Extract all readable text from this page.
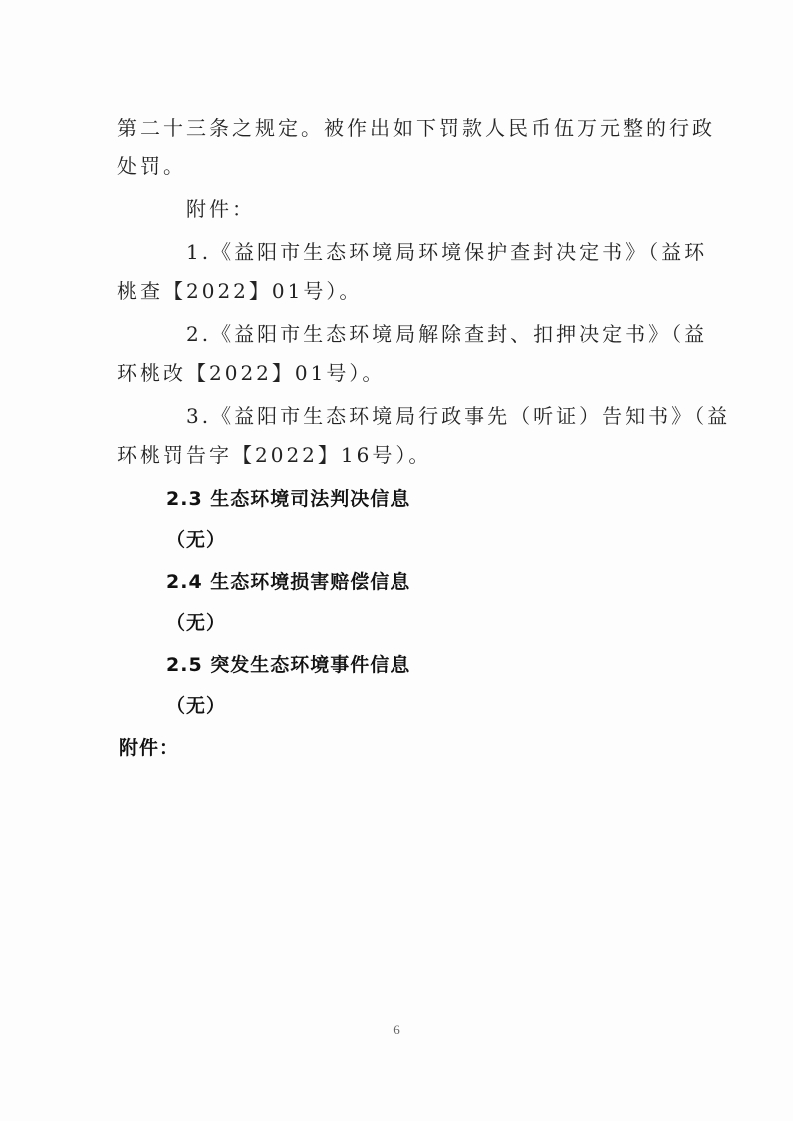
第二十三条之规定。被作出如下罚款人民币伍万元整的行政
处罚。
附件：
1.《益阳市生态环境局环境保护查封决定书》（益环
桃查【2022】01号）。
2.《益阳市生态环境局解除查封、扣押决定书》（益
环桃改【2022】01号）。
3.《益阳市生态环境局行政事先（听证）告知书》（益
环桃罚告字【2022】16号）。
2.3 生态环境司法判决信息
（无）
2.4 生态环境损害赔偿信息
（无）
2.5 突发生态环境事件信息
（无）
附件：
6
